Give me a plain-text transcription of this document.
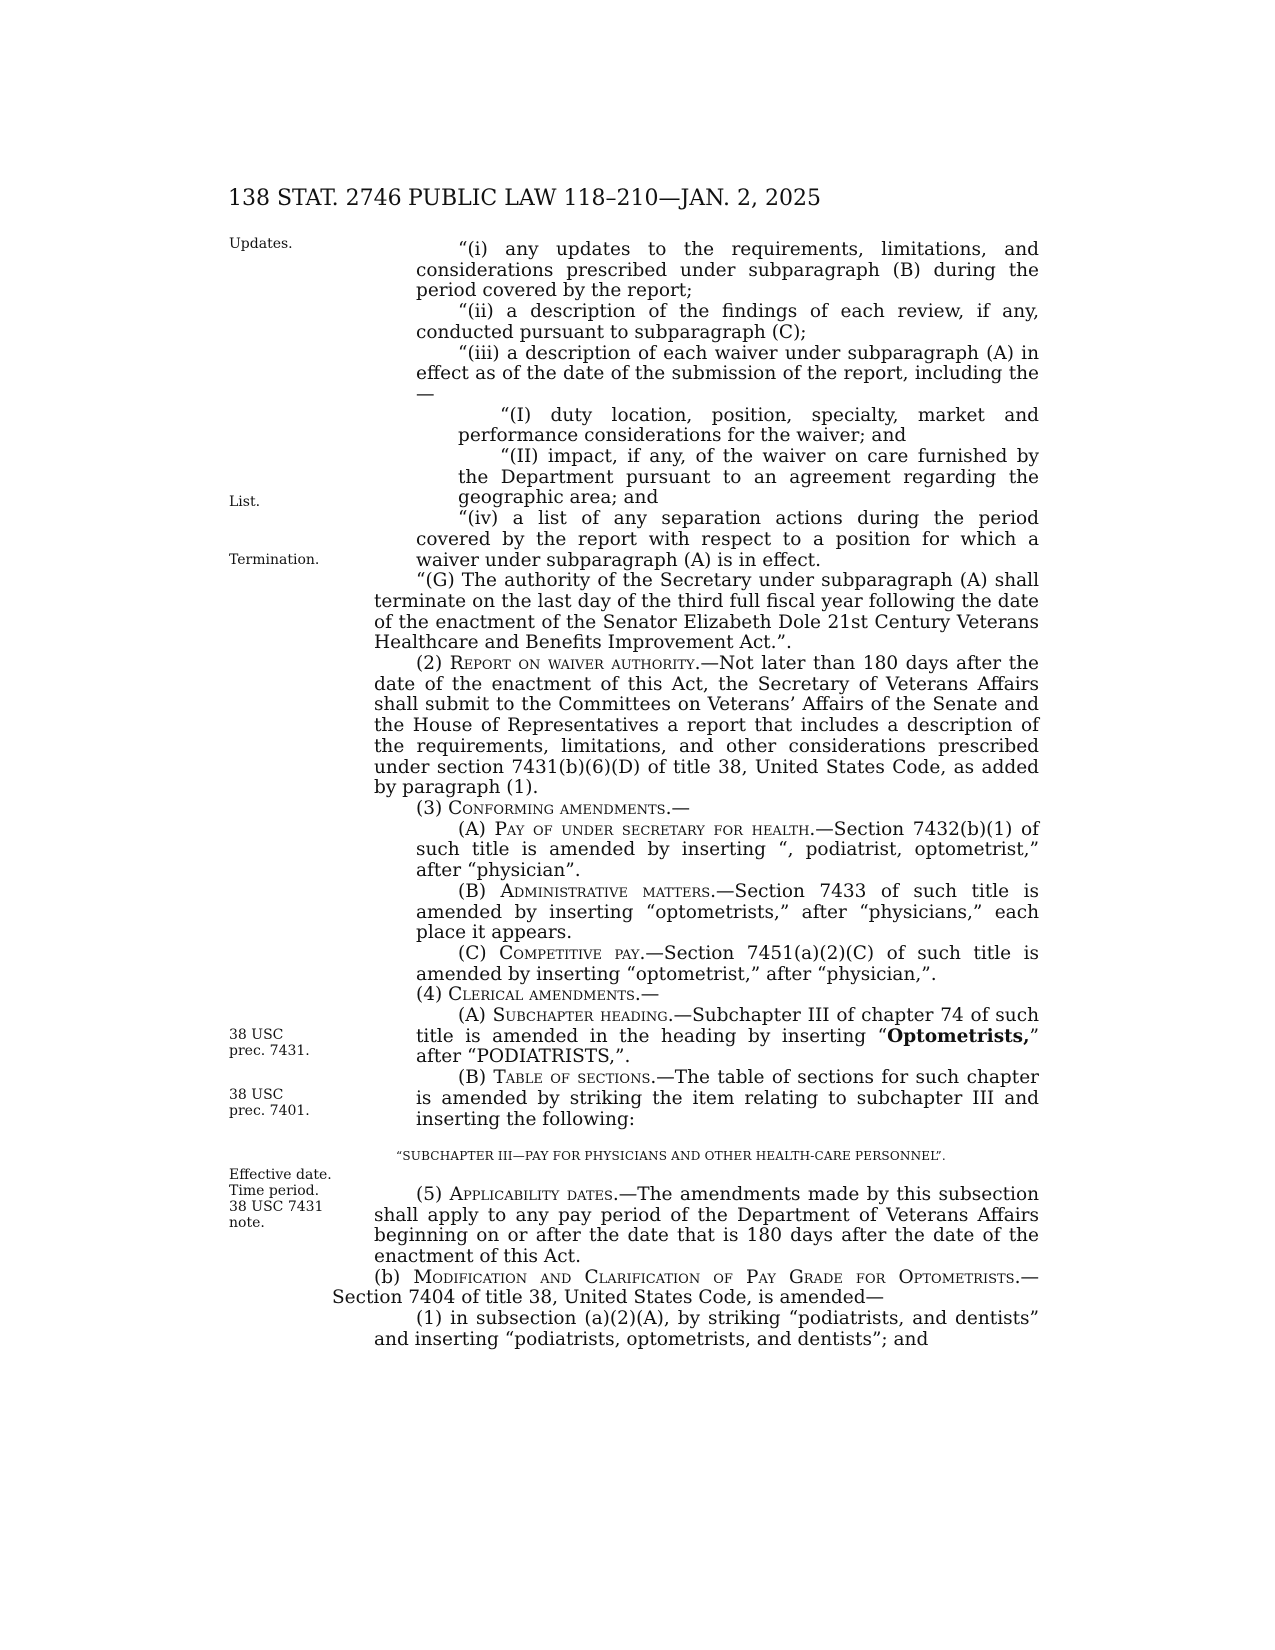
138 STAT. 2746 PUBLIC LAW 118–210—JAN. 2, 2025
Updates.
List.
Termination.
38 USC
prec. 7431.
38 USC
prec. 7401.
Effective date.
Time period.
38 USC 7431
note.

“(i) any updates to the requirements, limitations, and considerations prescribed under subparagraph (B) during the period covered by the report;

“(ii) a description of the findings of each review, if any, conducted pursuant to subparagraph (C);

“(iii) a description of each waiver under subparagraph (A) in effect as of the date of the submission of the report, including the—

“(I) duty location, position, specialty, market and performance considerations for the waiver; and

“(II) impact, if any, of the waiver on care furnished by the Department pursuant to an agreement regarding the geographic area; and

“(iv) a list of any separation actions during the period covered by the report with respect to a position for which a waiver under subparagraph (A) is in effect.

“(G) The authority of the Secretary under subparagraph (A) shall terminate on the last day of the third full fiscal year following the date of the enactment of the Senator Elizabeth Dole 21st Century Veterans Healthcare and Benefits Improvement Act.”.

(2) Report on waiver authority.—Not later than 180 days after the date of the enactment of this Act, the Secretary of Veterans Affairs shall submit to the Committees on Veterans’ Affairs of the Senate and the House of Representatives a report that includes a description of the requirements, limitations, and other considerations prescribed under section 7431(b)(6)(D) of title 38, United States Code, as added by paragraph (1).

(3) Conforming amendments.—

(A) Pay of under secretary for health.—Section 7432(b)(1) of such title is amended by inserting “, podiatrist, optometrist,” after “physician”.

(B) Administrative matters.—Section 7433 of such title is amended by inserting “optometrists,” after “physicians,” each place it appears.

(C) Competitive pay.—Section 7451(a)(2)(C) of such title is amended by inserting “optometrist,” after “physician,”.

(4) Clerical amendments.—

(A) Subchapter heading.—Subchapter III of chapter 74 of such title is amended in the heading by inserting “Optometrists,” after “PODIATRISTS,”.

(B) Table of sections.—The table of sections for such chapter is amended by striking the item relating to subchapter III and inserting the following:

“SUBCHAPTER III—PAY FOR PHYSICIANS AND OTHER HEALTH-CARE PERSONNEL”.

(5) Applicability dates.—The amendments made by this subsection shall apply to any pay period of the Department of Veterans Affairs beginning on or after the date that is 180 days after the date of the enactment of this Act.

(b) Modification and Clarification of Pay Grade for Optometrists.—Section 7404 of title 38, United States Code, is amended—

(1) in subsection (a)(2)(A), by striking “podiatrists, and dentists” and inserting “podiatrists, optometrists, and dentists”; and
